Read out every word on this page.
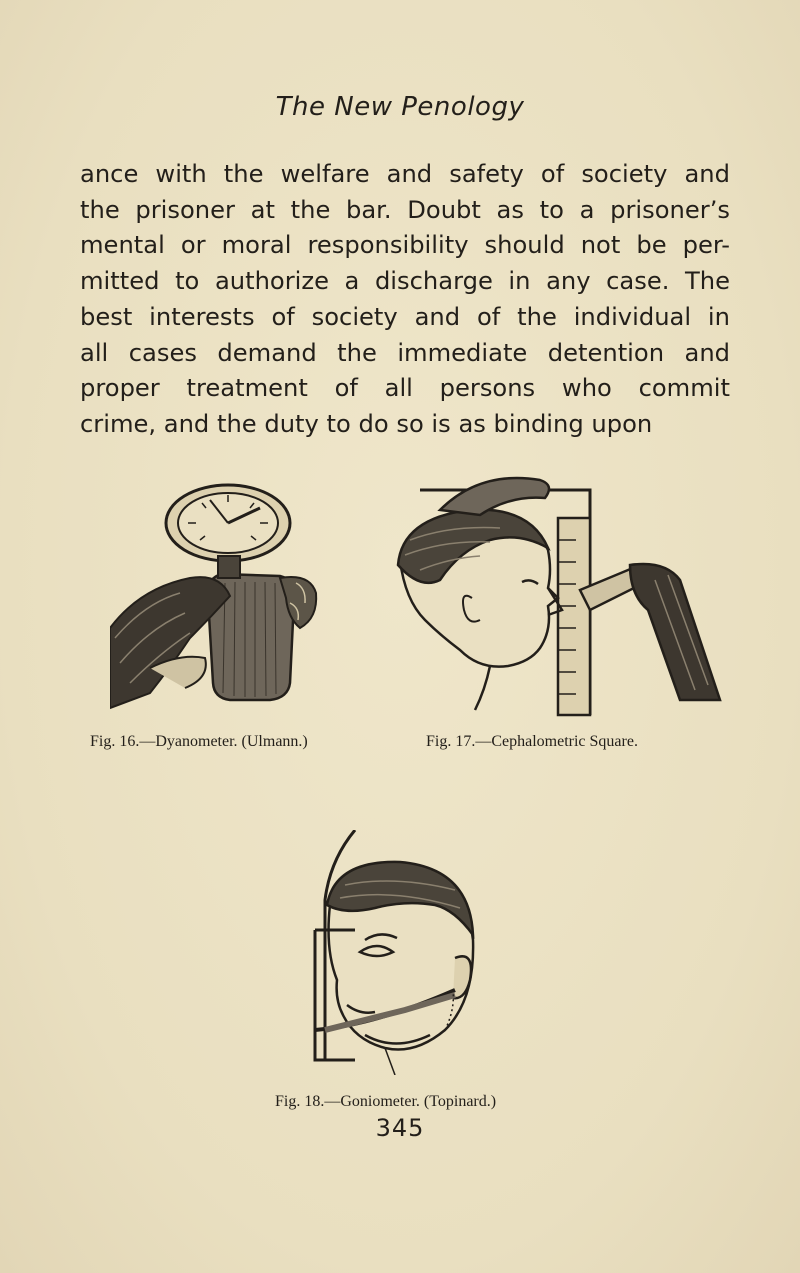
The New Penology
ance with the welfare and safety of society and
the prisoner at the bar. Doubt as to a prisoner’s
mental or moral responsibility should not be per-
mitted to authorize a discharge in any case. The
best interests of society and of the individual in
all cases demand the immediate detention and
proper treatment of all persons who commit
crime, and the duty to do so is as binding upon
Fig. 16.—Dyanometer. (Ulmann.)	Fig. 17.—Cephalometric Square.
Fig. 18.—Goniometer. (Topinard.)
345
